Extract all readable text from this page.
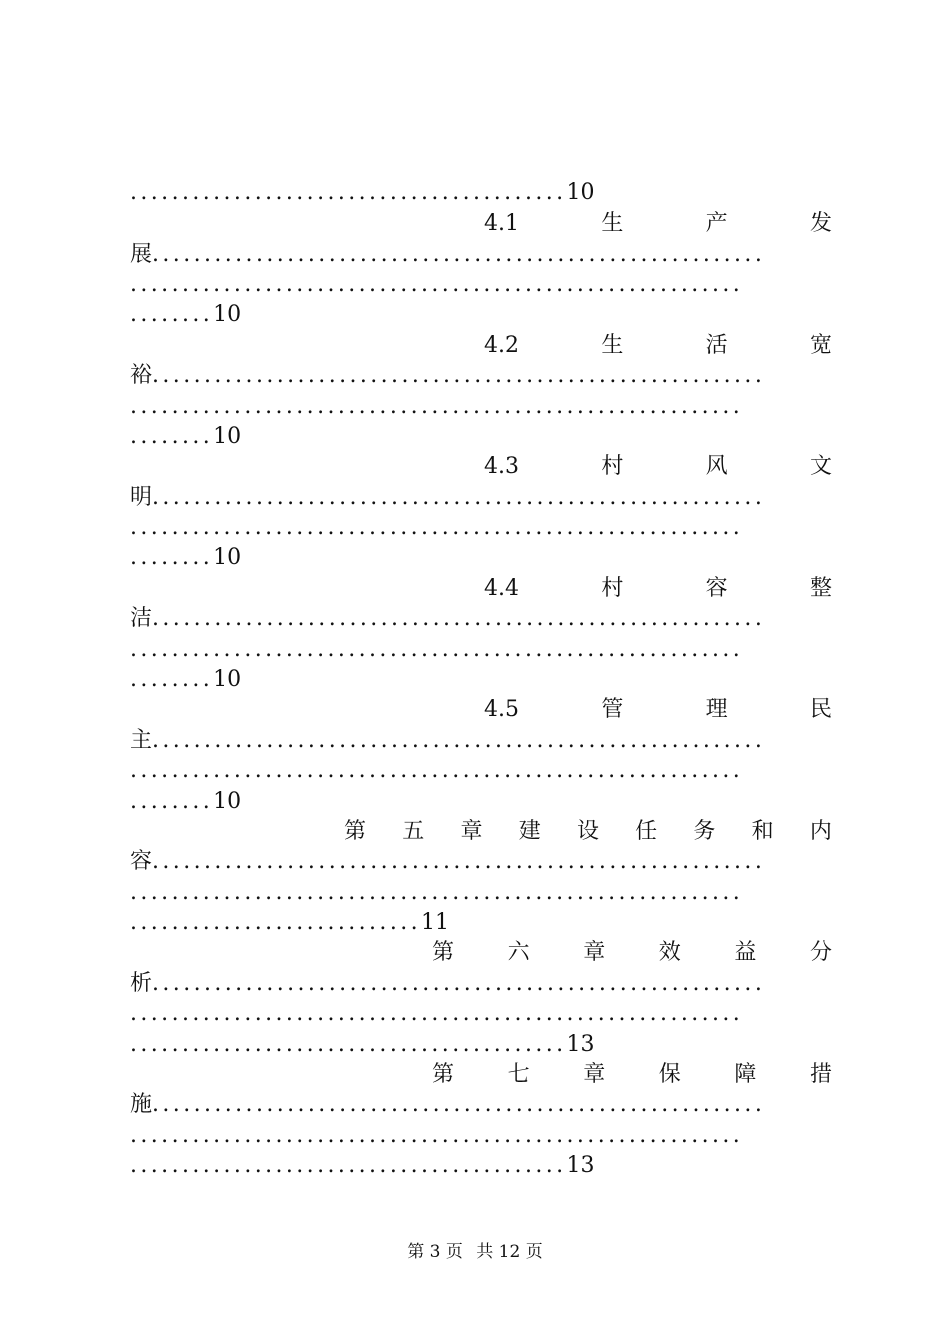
..........................................10
4.1	生	产	发
展...........................................................
...........................................................
........10
4.2	生	活	宽
裕...........................................................
...........................................................
........10
4.3	村	风	文
明...........................................................
...........................................................
........10
4.4	村	容	整
洁...........................................................
...........................................................
........10
4.5	管	理	民
主...........................................................
...........................................................
........10
第 五 章 建 设 任 务 和 内
容...........................................................
...........................................................
............................11
第 六 章 效 益 分
析...........................................................
...........................................................
..........................................13
第 七 章 保 障 措
施...........................................................
...........................................................
..........................................13
第 3 页 共 12 页
